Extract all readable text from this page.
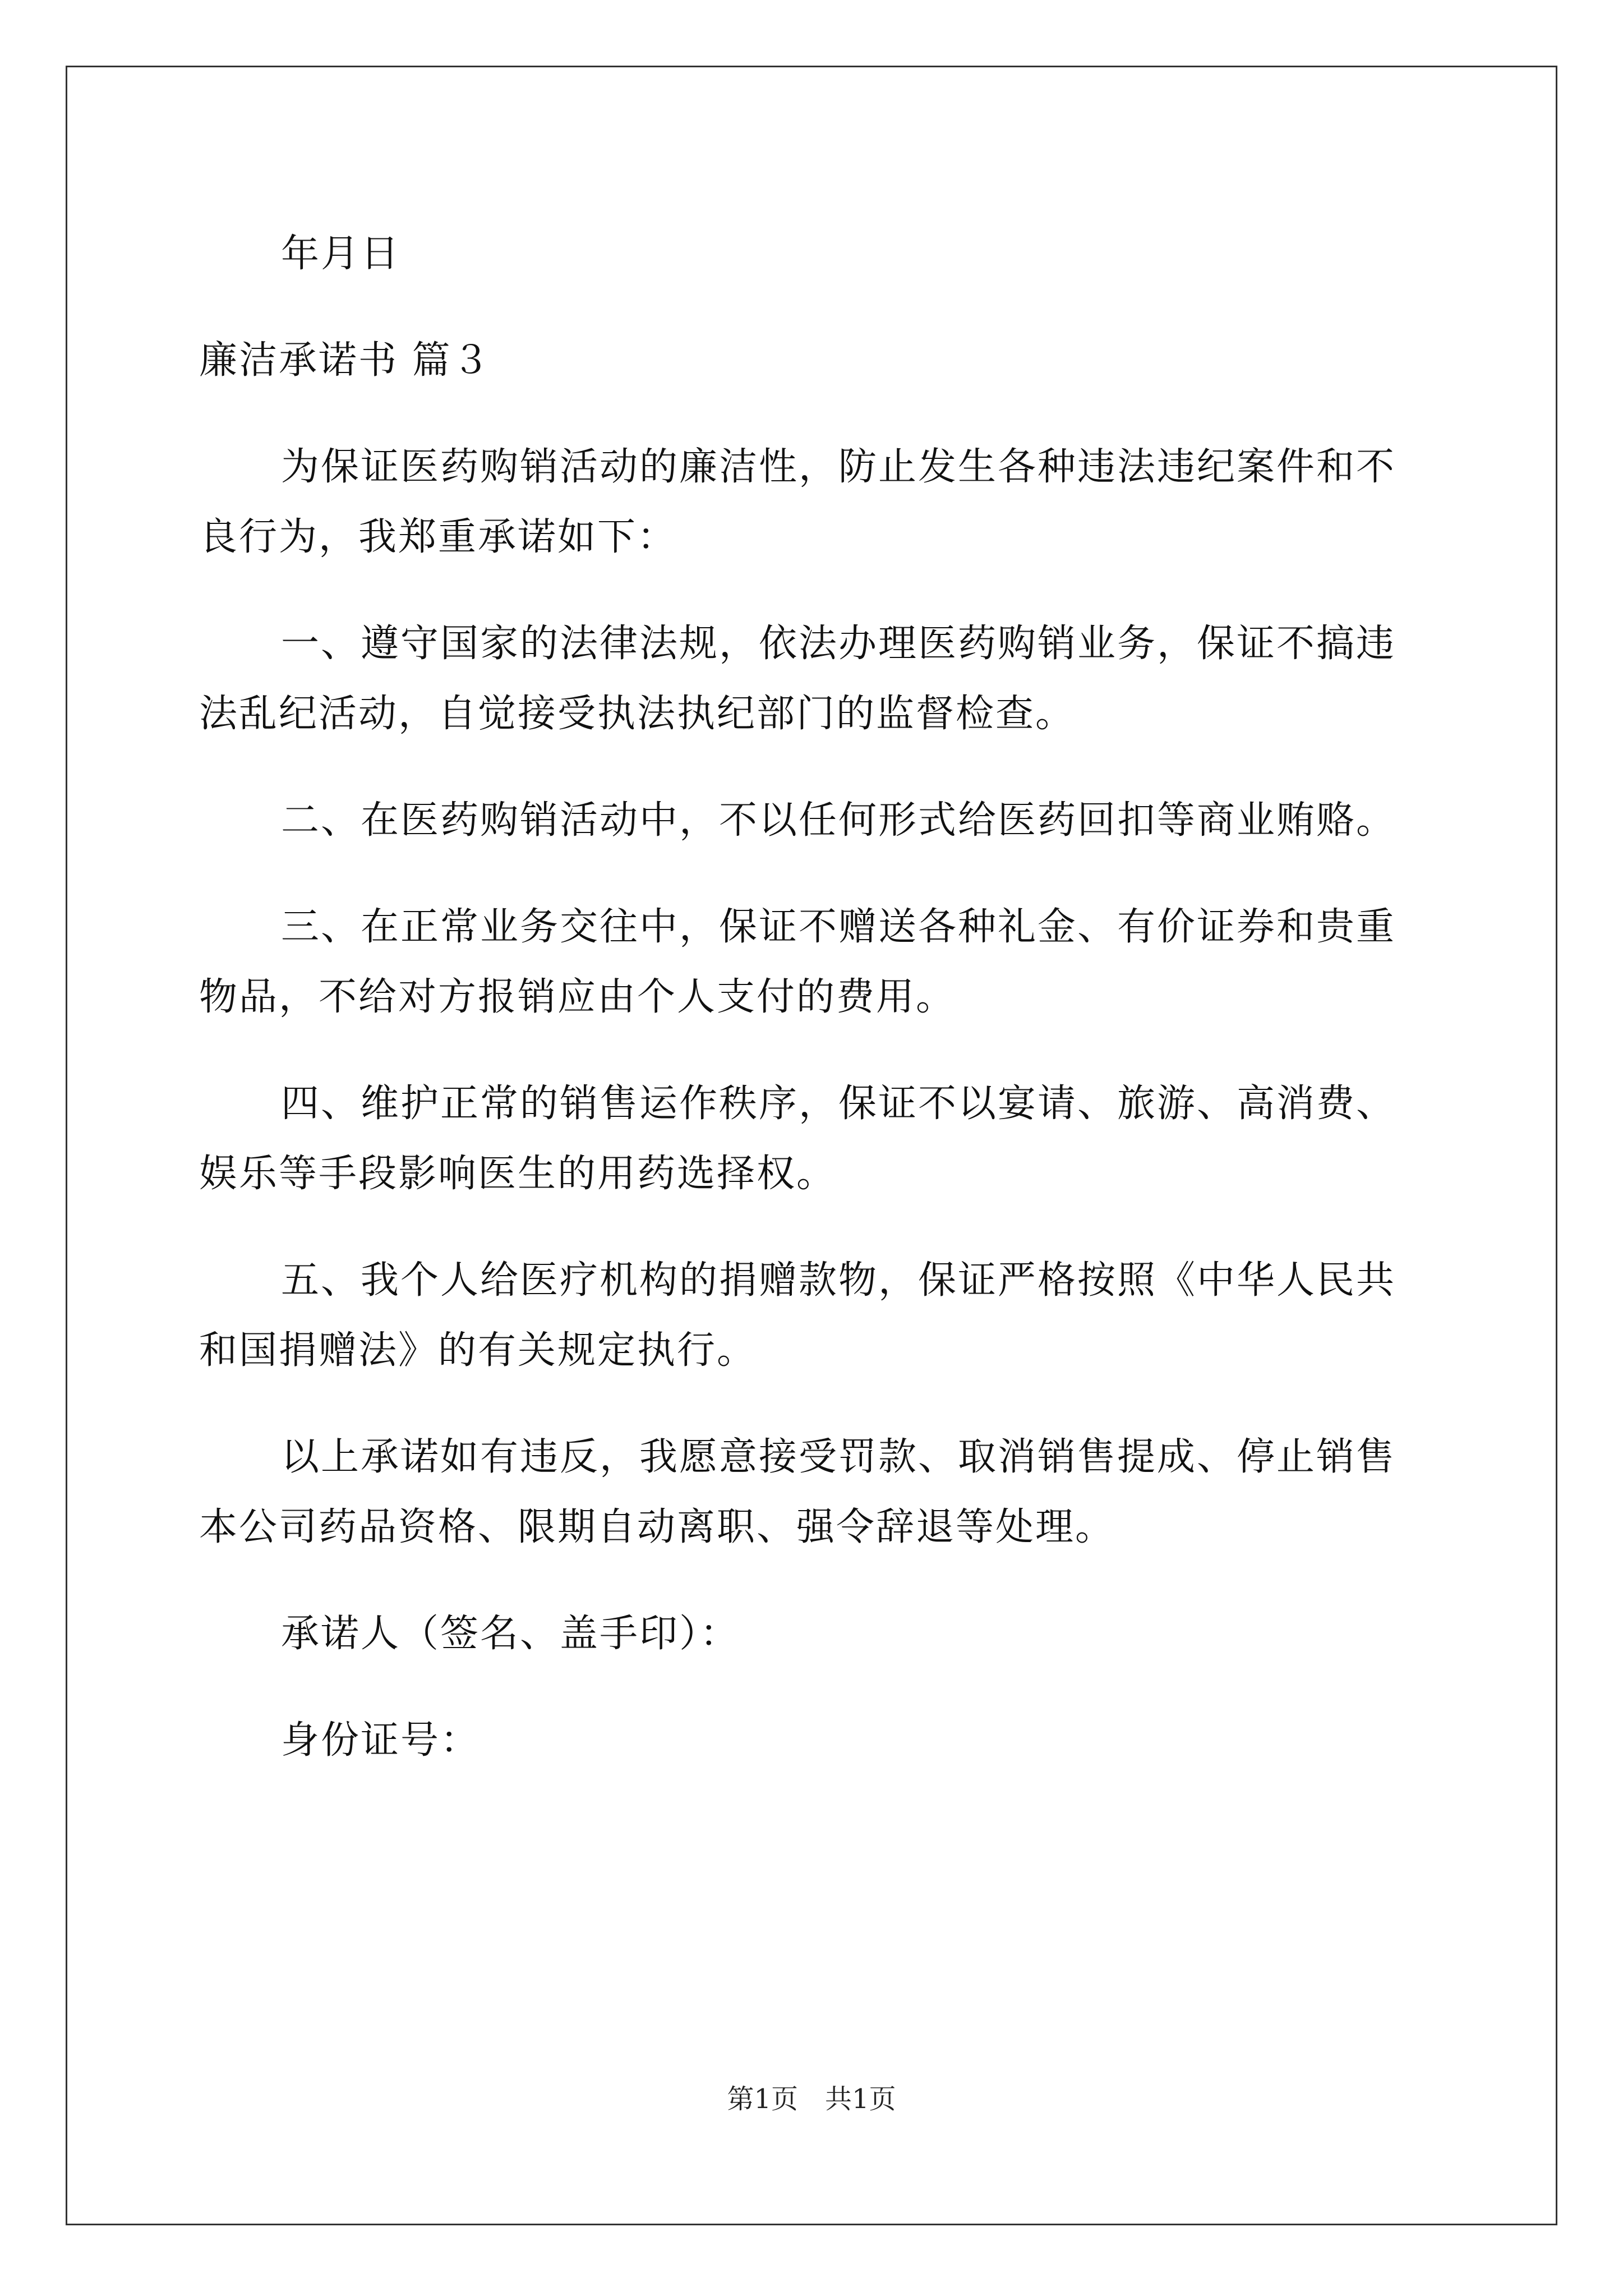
年月日
廉洁承诺书 篇３
为保证医药购销活动的廉洁性，防止发生各种违法违纪案件和不
良行为，我郑重承诺如下：
一、遵守国家的法律法规，依法办理医药购销业务，保证不搞违
法乱纪活动，自觉接受执法执纪部门的监督检查。
二、在医药购销活动中，不以任何形式给医药回扣等商业贿赂。
三、在正常业务交往中，保证不赠送各种礼金、有价证券和贵重
物品，不给对方报销应由个人支付的费用。
四、维护正常的销售运作秩序，保证不以宴请、旅游、高消费、
娱乐等手段影响医生的用药选择权。
五、我个人给医疗机构的捐赠款物，保证严格按照《中华人民共
和国捐赠法》的有关规定执行。
以上承诺如有违反，我愿意接受罚款、取消销售提成、停止销售
本公司药品资格、限期自动离职、强令辞退等处理。
承诺人（签名、盖手印）：
身份证号：
第1页　共1页
